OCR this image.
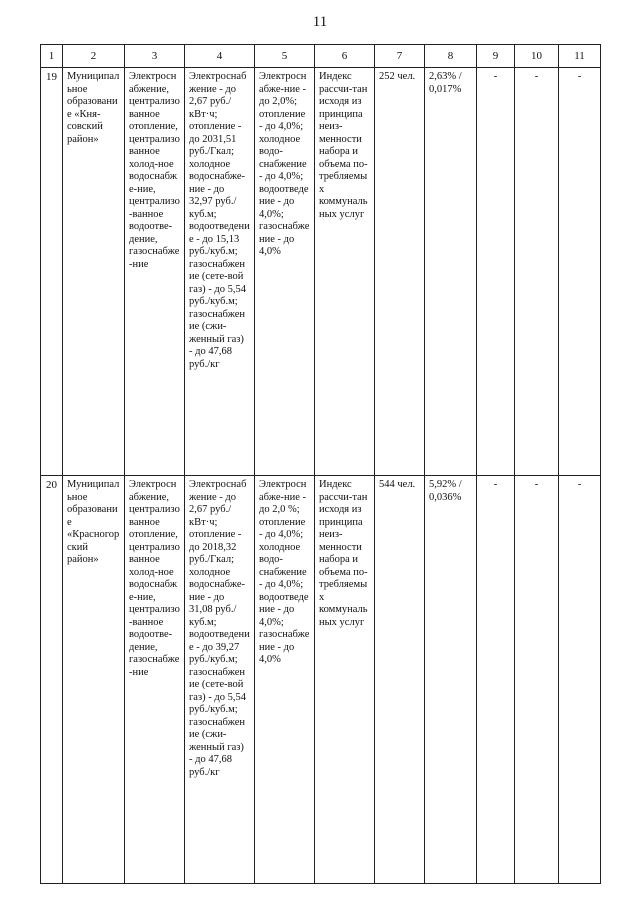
11
1	2	3	4	5	6	7	8	9	10	11
19	Муниципальное образование «Кня-совский район»	Электроснабжение, централизованное отопление, централизованное холод-ное водоснабже-ние, централизо-ванное водоотве-дение, газоснабже-ние	Электроснабжение - до 2,67 руб./кВт·ч; отопление - до 2031,51 руб./Гкал; холодное водоснабже-ние - до 32,97 руб./куб.м; водоотведение - до 15,13 руб./куб.м; газоснабжение (сете-вой газ) - до 5,54 руб./куб.м; газоснабжение (сжи-женный газ) - до 47,68 руб./кг	Электроснабже-ние - до 2,0%; отопление - до 4,0%; холодное водо-снабжение - до 4,0%; водоотведение - до 4,0%; газоснабжение - до 4,0%	Индекс рассчи-тан исходя из принципа неиз-менности набора и объема по-требляемых коммунальных услуг	252 чел.	2,63% / 0,017%	-	-	-
20	Муниципальное образование «Красногорский район»	Электроснабжение, централизованное отопление, централизованное холод-ное водоснабже-ние, централизо-ванное водоотве-дение, газоснабже-ние	Электроснабжение - до 2,67 руб./кВт·ч; отопление - до 2018,32 руб./Гкал; холодное водоснабже-ние - до 31,08 руб./куб.м; водоотведение - до 39,27 руб./куб.м; газоснабжение (сете-вой газ) - до 5,54 руб./куб.м; газоснабжение (сжи-женный газ) - до 47,68 руб./кг	Электроснабже-ние - до 2,0 %; отопление - до 4,0%; холодное водо-снабжение - до 4,0%; водоотведение - до 4,0%; газоснабжение - до 4,0%	Индекс рассчи-тан исходя из принципа неиз-менности набора и объема по-требляемых коммунальных услуг	544 чел.	5,92% / 0,036%	-	-	-
